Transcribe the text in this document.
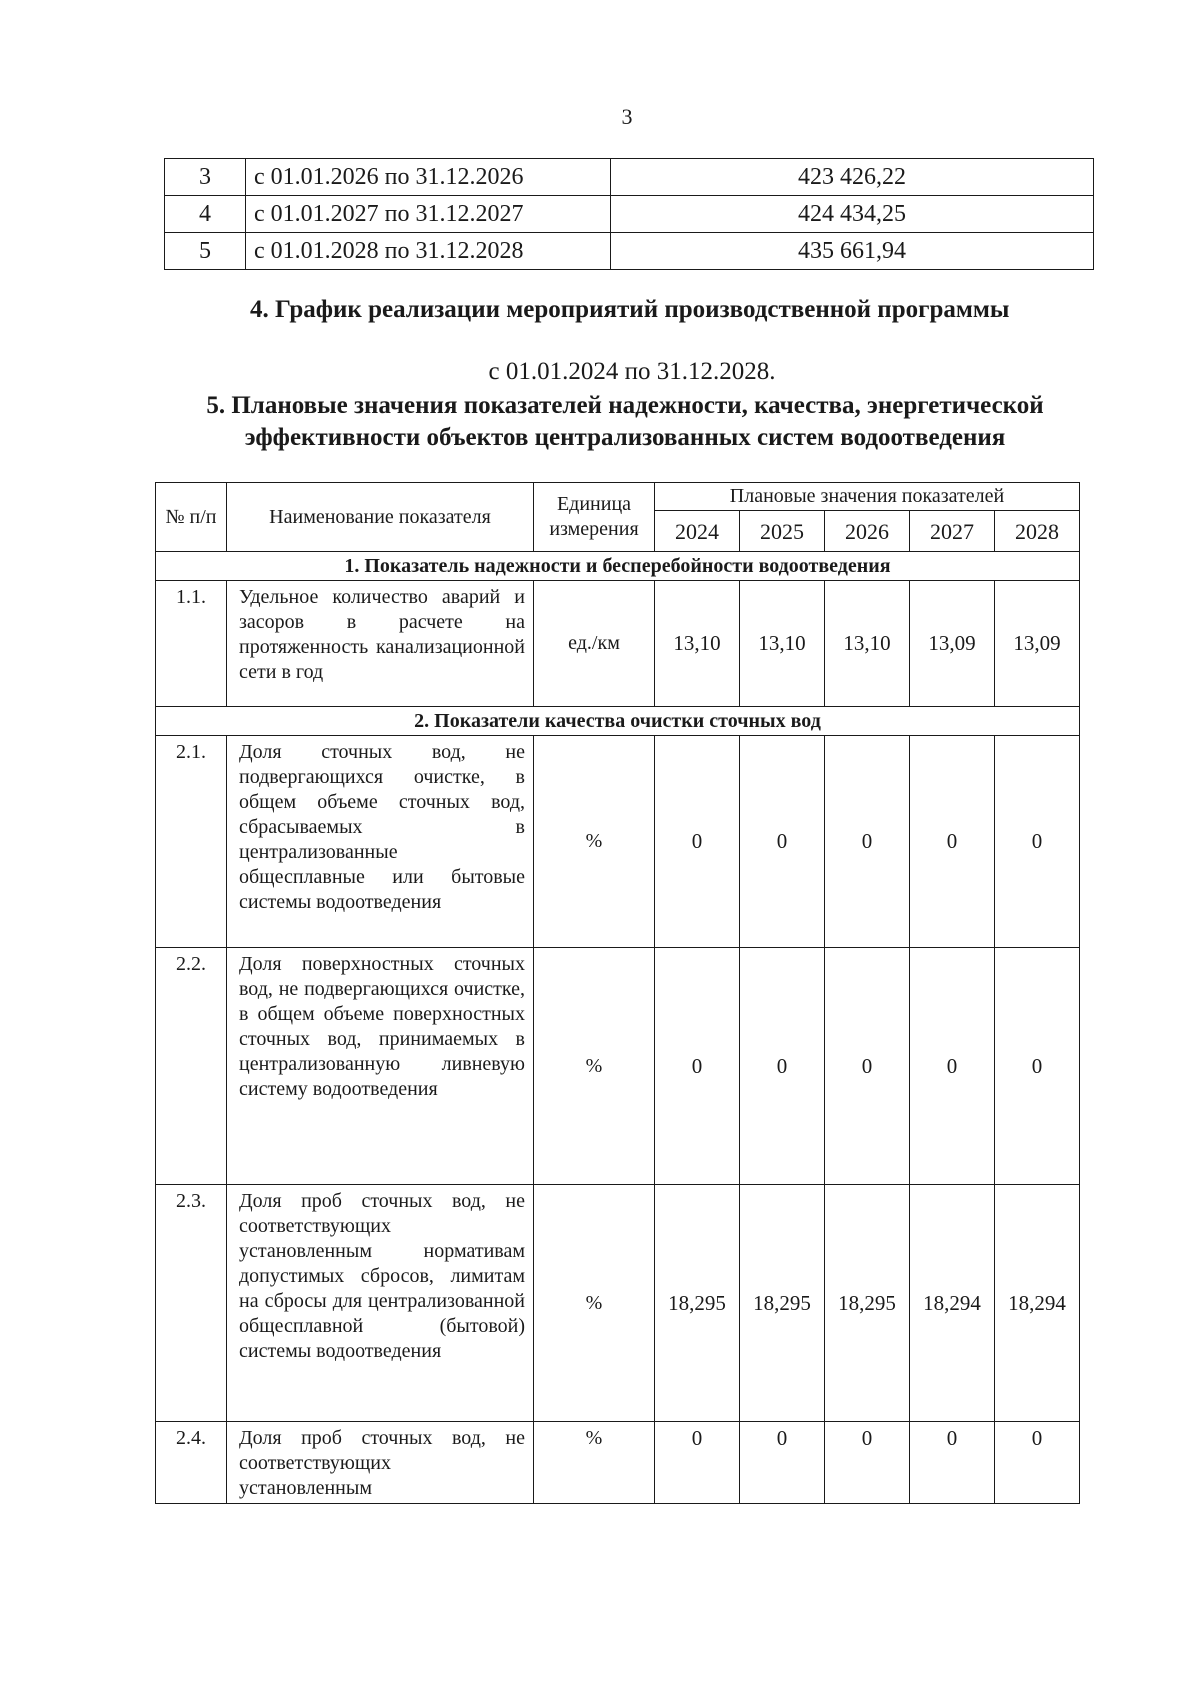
3
3	с 01.01.2026 по 31.12.2026	423 426,22
4	с 01.01.2027 по 31.12.2027	424 434,25
5	с 01.01.2028 по 31.12.2028	435 661,94
4. График реализации мероприятий производственной программы
с 01.01.2024 по 31.12.2028.
5. Плановые значения показателей надежности, качества, энергетической эффективности объектов централизованных систем водоотведения
№ п/п	Наименование показателя	Единица измерения	Плановые значения показателей				
			2024	2025	2026	2027	2028
1. Показатель надежности и бесперебойности водоотведения							
1.1.	Удельное количество аварий и засоров в расчете на протяженность канализационной сети в год	ед./км	13,10	13,10	13,10	13,09	13,09
2. Показатели качества очистки сточных вод							
2.1.	Доля сточных вод, не подвергающихся очистке, в общем объеме сточных вод, сбрасываемых в централизованные общесплавные или бытовые системы водоотведения	%	0	0	0	0	0
2.2.	Доля поверхностных сточных вод, не подвергающихся очистке, в общем объеме поверхностных сточных вод, принимаемых в централизованную ливневую систему водоотведения	%	0	0	0	0	0
2.3.	Доля проб сточных вод, не соответствующих установленным нормативам допустимых сбросов, лимитам на сбросы для централизованной общесплавной (бытовой) системы водоотведения	%	18,295	18,295	18,295	18,294	18,294
2.4.	Доля проб сточных вод, не соответствующих установленным	%	0	0	0	0	0
